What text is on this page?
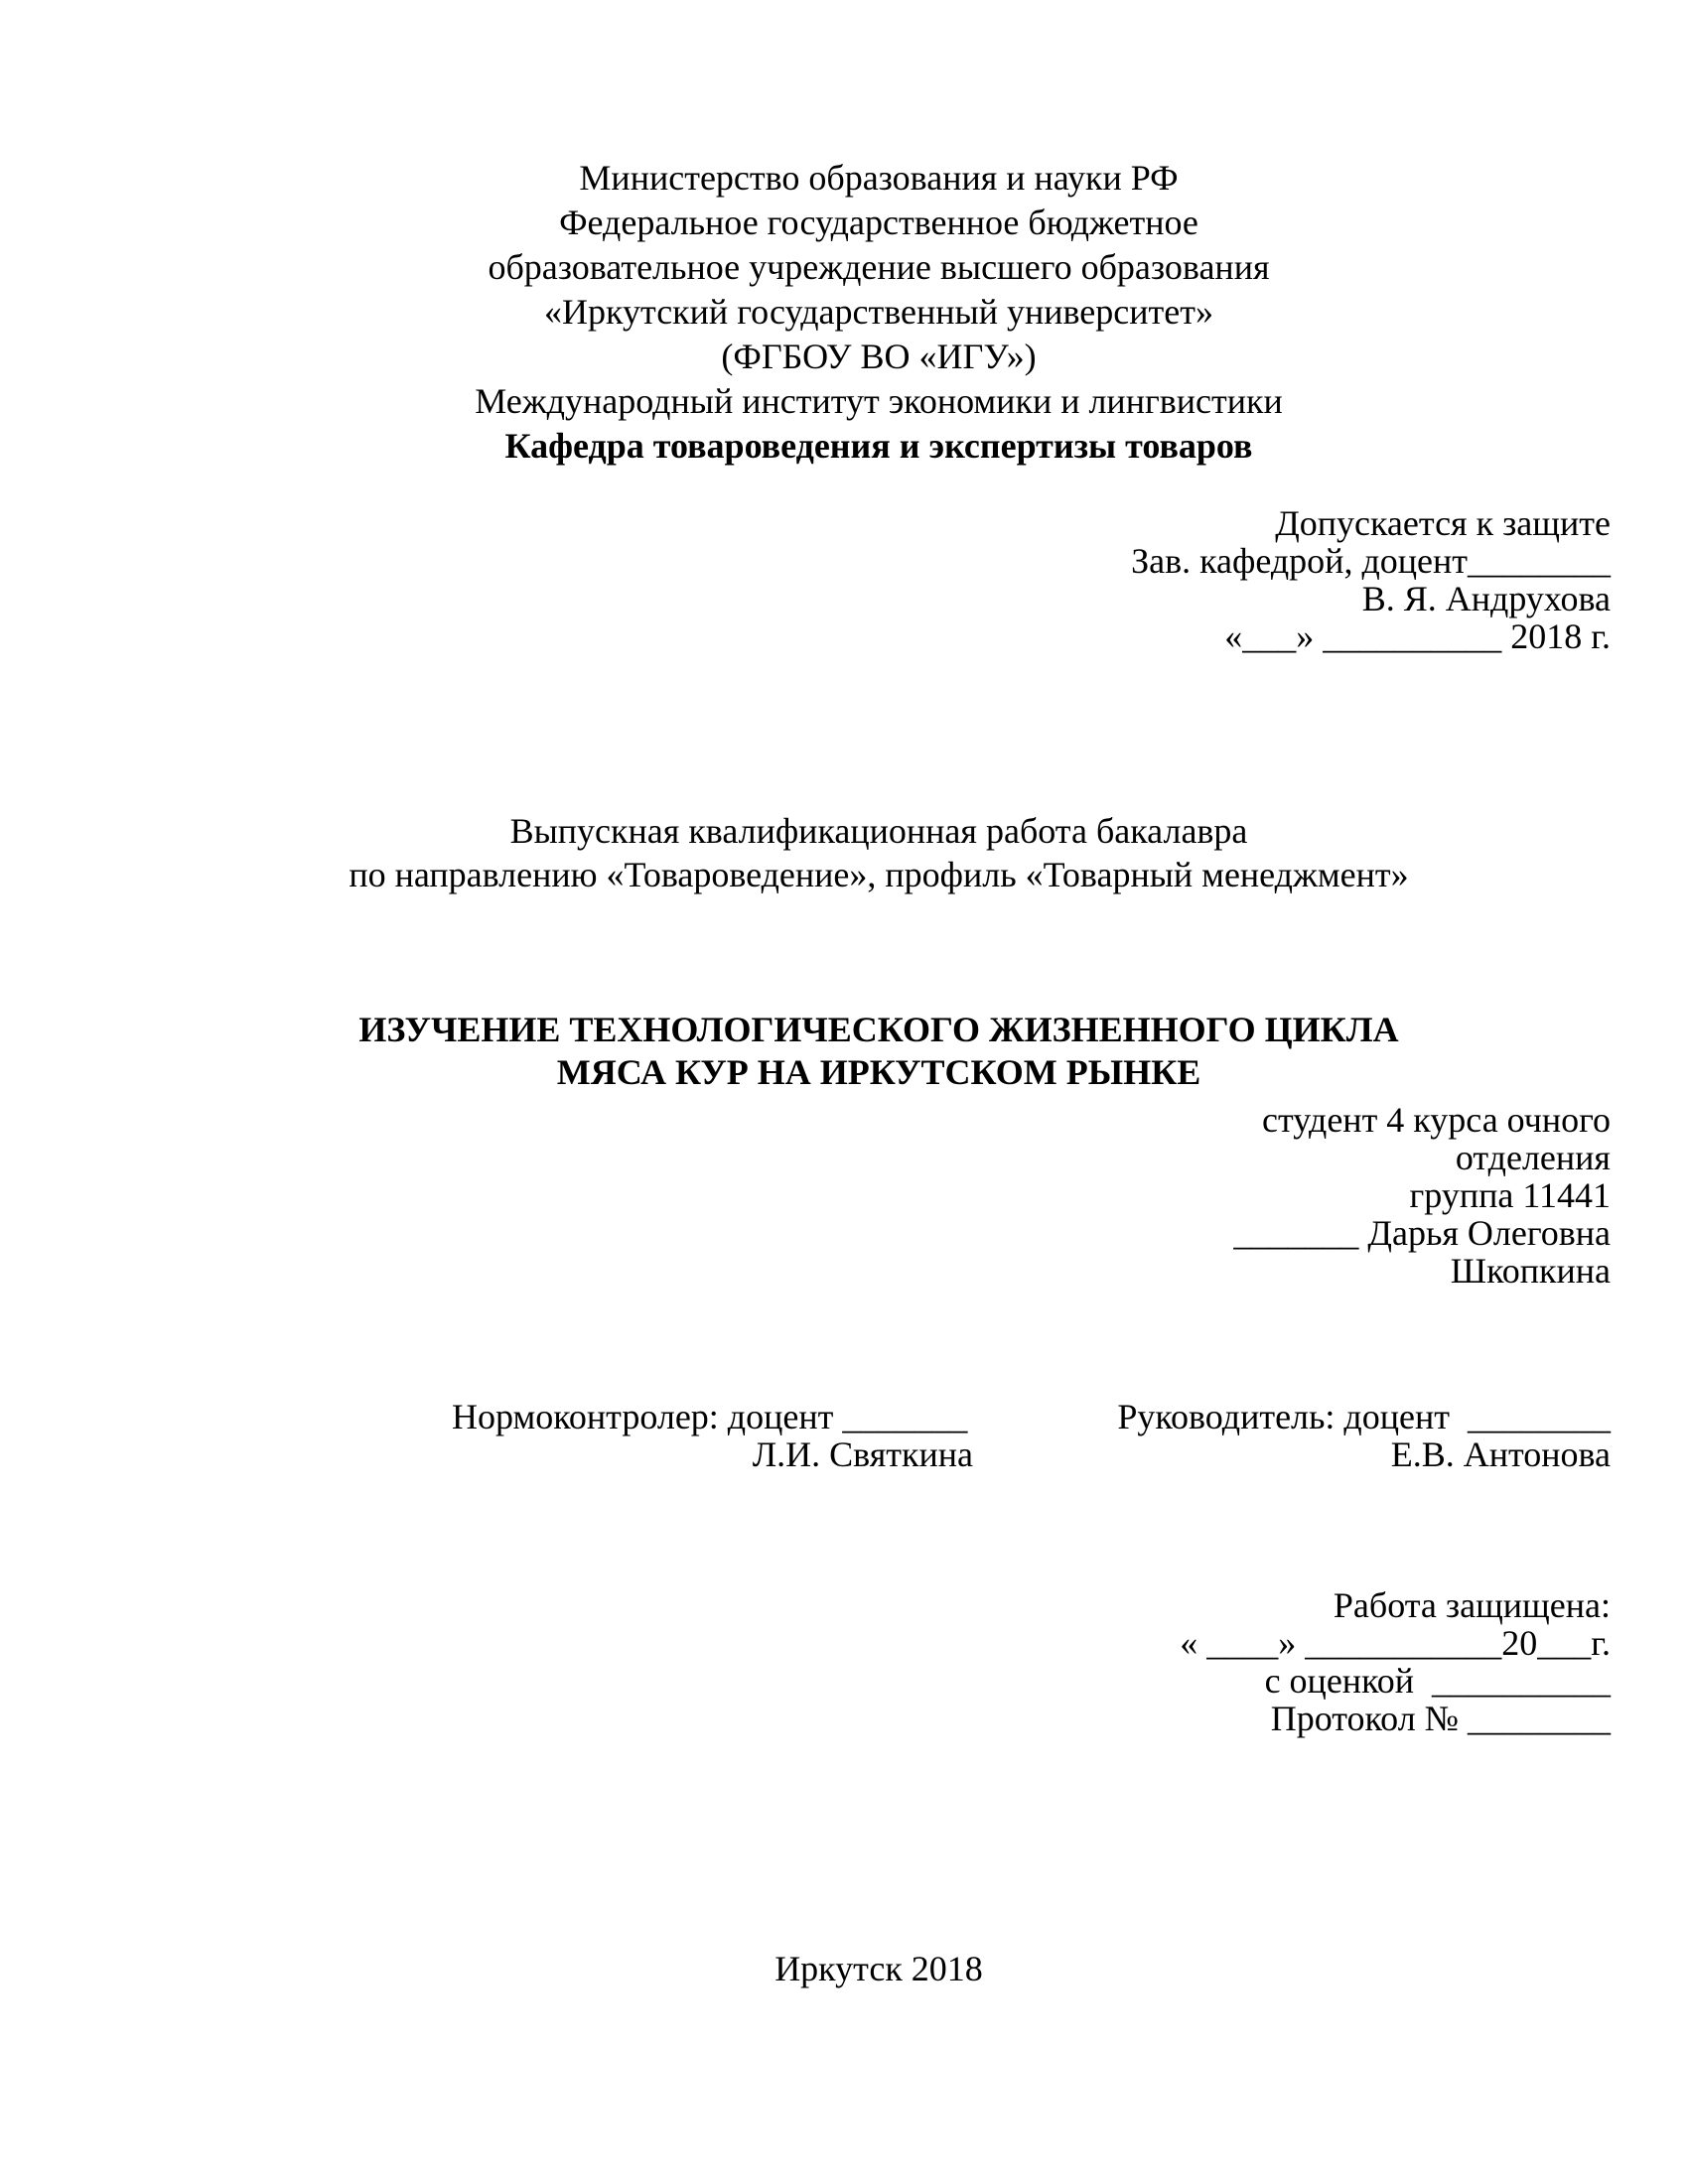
Министерство образования и науки РФ
Федеральное государственное бюджетное
образовательное учреждение высшего образования
«Иркутский государственный университет»
(ФГБОУ ВО «ИГУ»)
Международный институт экономики и лингвистики
Кафедра товароведения и экспертизы товаров
Допускается к защите
Зав. кафедрой, доцент________
В. Я. Андрухова
«___» __________ 2018 г.
Выпускная квалификационная работа бакалавра
по направлению «Товароведение», профиль «Товарный менеджмент»
ИЗУЧЕНИЕ ТЕХНОЛОГИЧЕСКОГО ЖИЗНЕННОГО ЦИКЛА
МЯСА КУР НА ИРКУТСКОМ РЫНКЕ
студент 4 курса очного
отделения
группа 11441
_______ Дарья Олеговна
Шкопкина
Нормоконтролер: доцент _______
Л.И. Святкина
Руководитель: доцент  ________
Е.В. Антонова
Работа защищена:
« ____» ___________20___г.
с оценкой  __________
Протокол № ________
Иркутск 2018
